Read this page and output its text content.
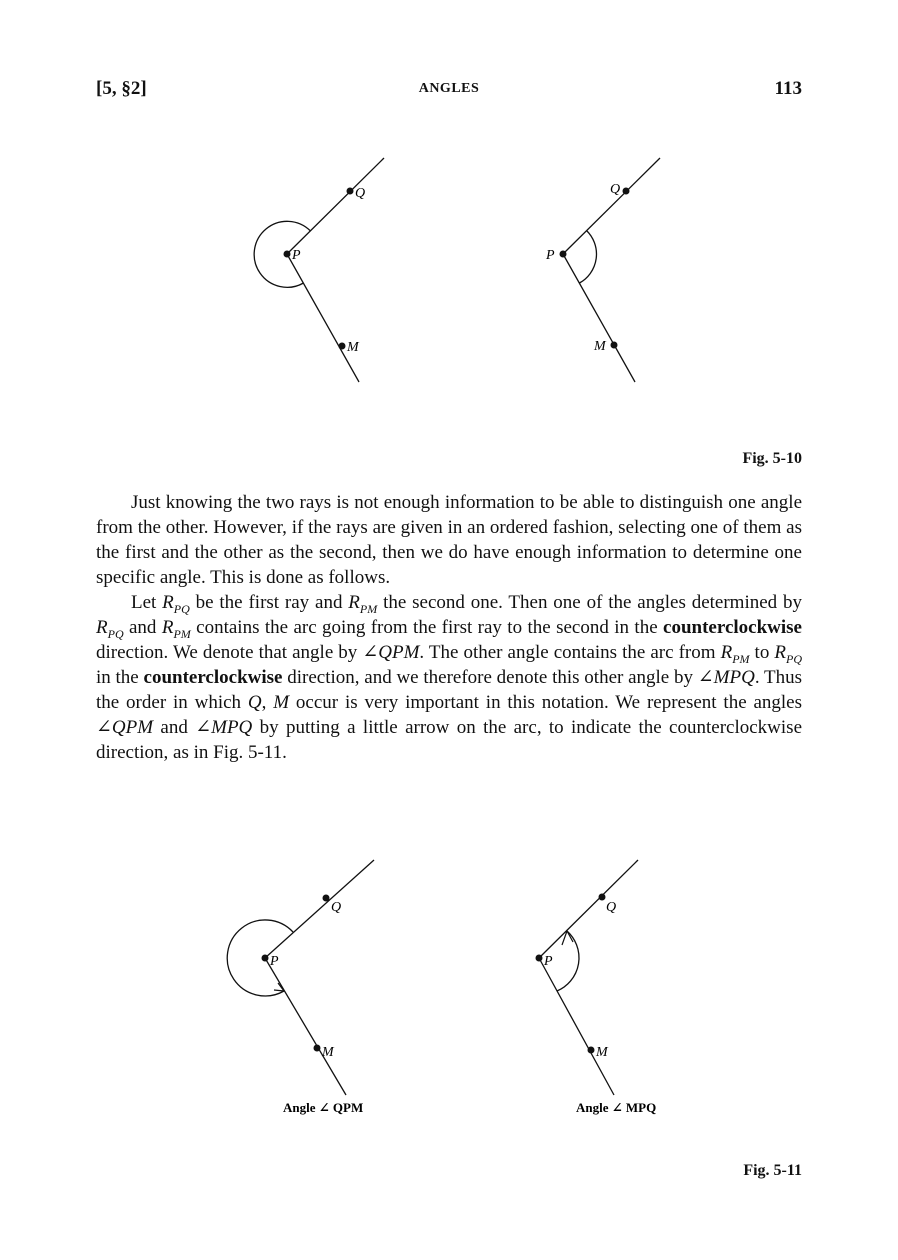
[5, §2]	ANGLES	113
Q
P
M
Q
P
M
Fig. 5-10

Just knowing the two rays is not enough information to be able to distinguish one angle from the other. However, if the rays are given in an ordered fashion, selecting one of them as the first and the other as the second, then we do have enough information to determine one specific angle. This is done as follows.

Let $R_{PQ}$ be the first ray and $R_{PM}$ the second one. Then one of the angles determined by $R_{PQ}$ and $R_{PM}$ contains the arc going from the first ray to the second in the counterclockwise direction. We denote that angle by ∠QPM. The other angle contains the arc from $R_{PM}$ to $R_{PQ}$ in the counterclockwise direction, and we therefore denote this other angle by ∠MPQ. Thus the order in which Q, M occur is very important in this notation. We represent the angles ∠QPM and ∠MPQ by putting a little arrow on the arc, to indicate the counterclockwise direction, as in Fig. 5-11.

Q
P
M
Q
P
M
Angle ∠ QPM	Angle ∠ MPQ
Fig. 5-11
